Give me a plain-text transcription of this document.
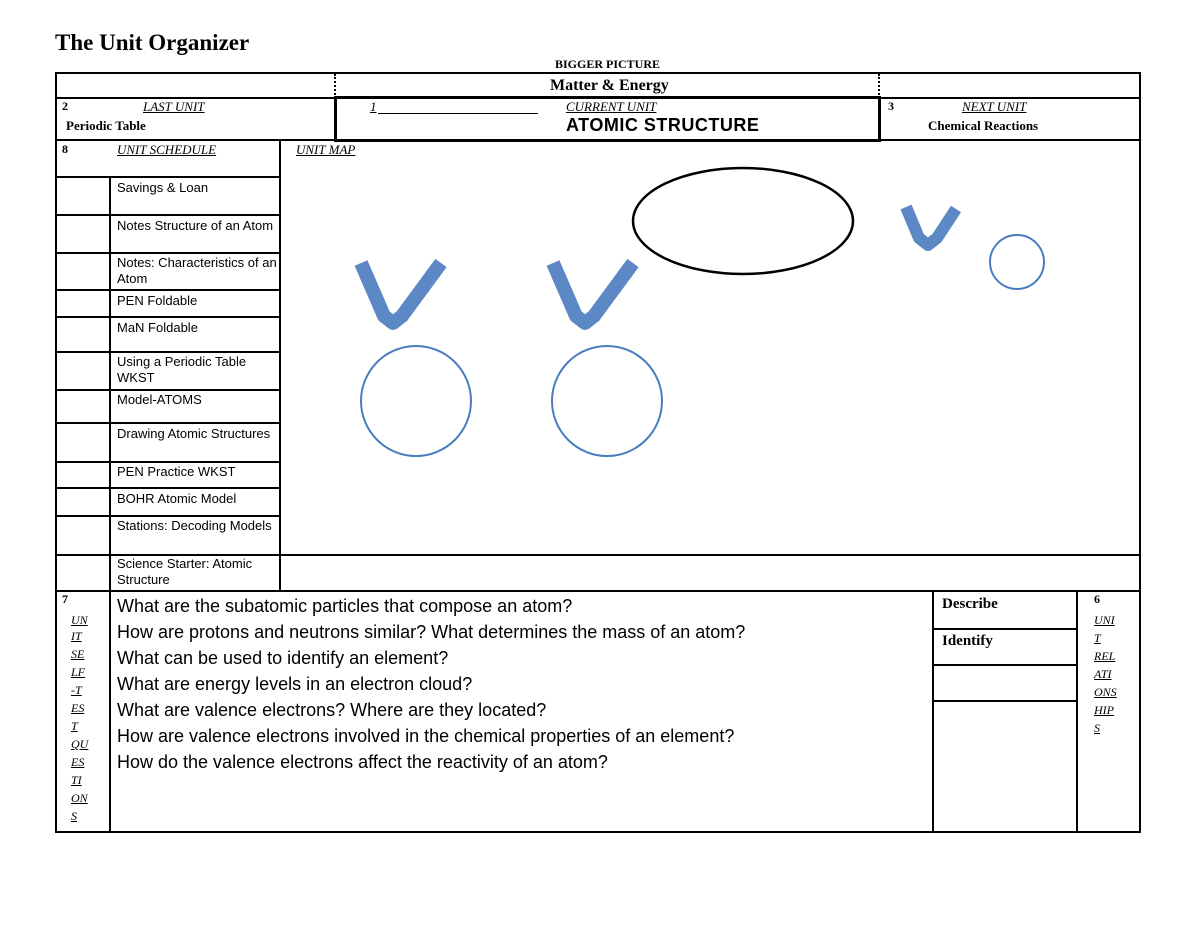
The Unit Organizer
BIGGER PICTURE
Matter & Energy
2	LAST UNIT
Periodic Table
1	CURRENT UNIT
ATOMIC STRUCTURE
3	NEXT UNIT
Chemical Reactions
8	UNIT SCHEDULE	UNIT MAP
Savings & Loan
Notes Structure of an Atom
Notes: Characteristics of an Atom
PEN Foldable
MaN Foldable
Using a Periodic Table WKST
Model-ATOMS
Drawing Atomic Structures
PEN Practice WKST
BOHR Atomic Model
Stations: Decoding Models
Science Starter: Atomic Structure
7
UN
IT
SE
LF
-T
ES
T
QU
ES
TI
ON
S
What are the subatomic particles that compose an atom?
How are protons and neutrons similar? What determines the mass of an atom?
What can be used to identify an element?
What are energy levels in an electron cloud?
What are valence electrons? Where are they located?
How are valence electrons involved in the chemical properties of an element?
How do the valence electrons affect the reactivity of an atom?
Describe
Identify
6
UNI
T
REL
ATI
ONS
HIP
S
